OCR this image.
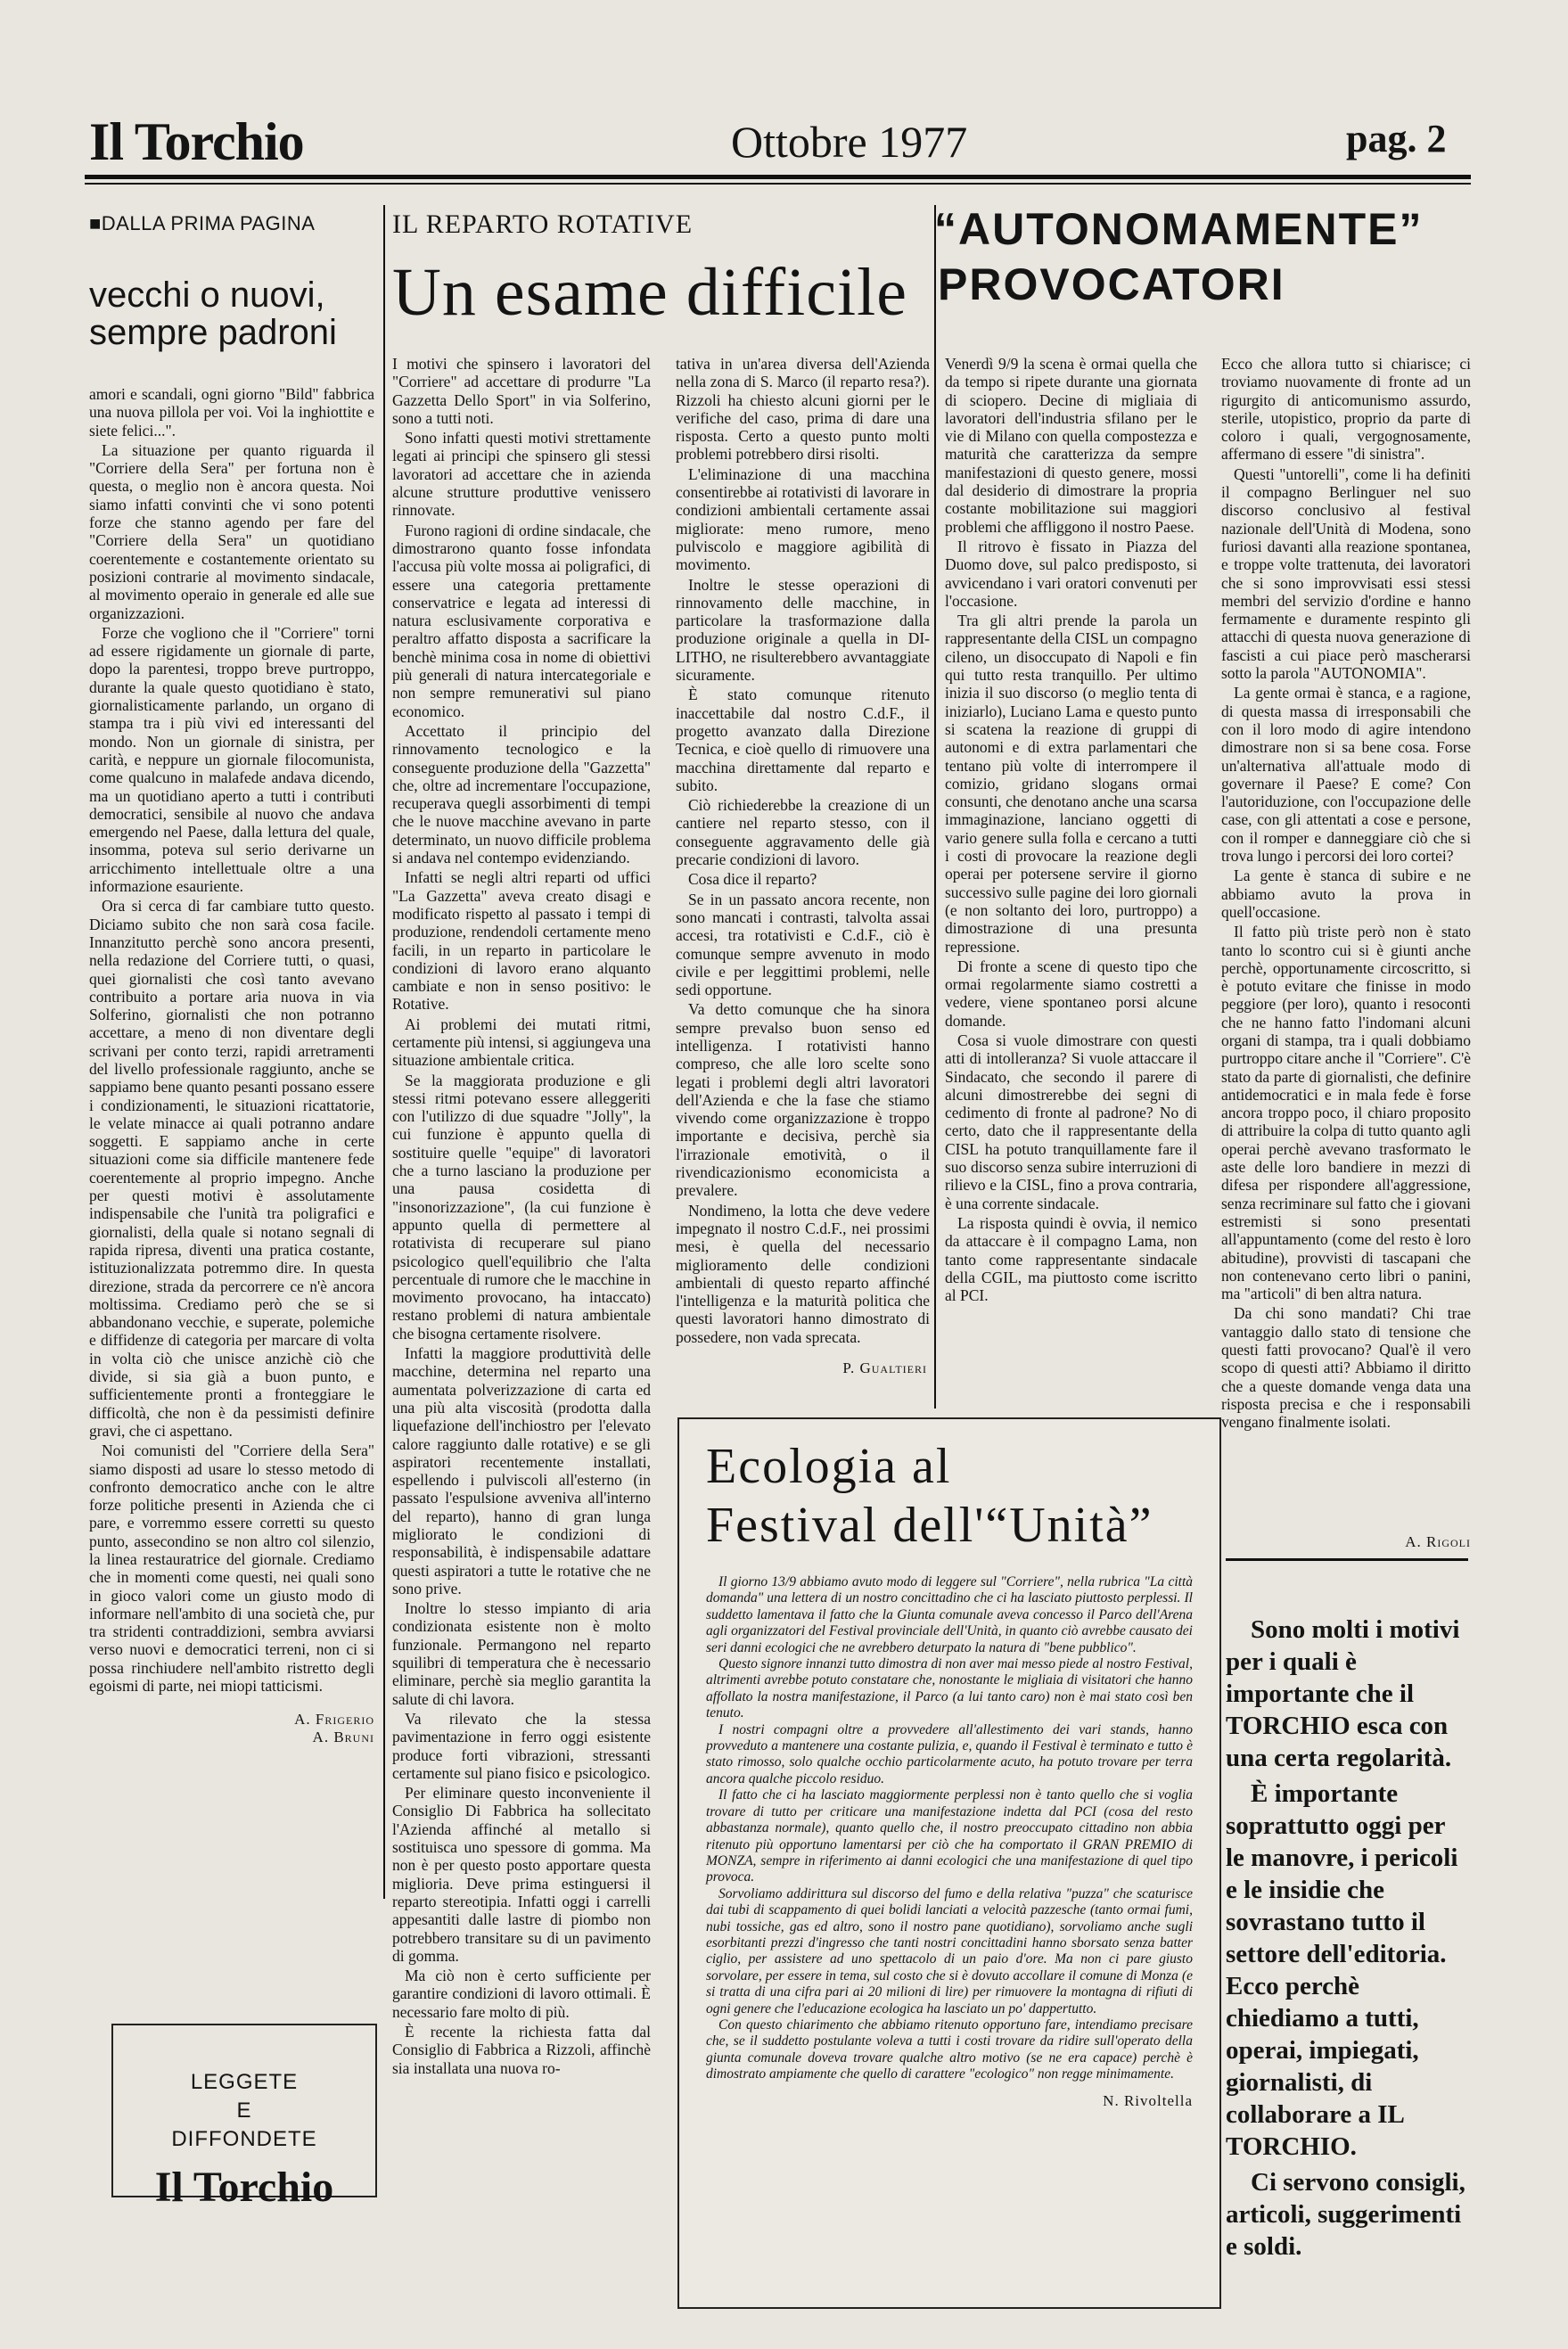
Il Torchio	Ottobre 1977	pag. 2
■DALLA PRIMA PAGINA
vecchi o nuovi, sempre padroni

amori e scandali, ogni giorno "Bild" fabbrica una nuova pillola per voi. Voi la inghiottite e siete felici...".

La situazione per quanto riguarda il "Corriere della Sera" per fortuna non è questa, o meglio non è ancora questa. Noi siamo infatti convinti che vi sono potenti forze che stanno agendo per fare del "Corriere della Sera" un quotidiano coerentemente e costantemente orientato su posizioni contrarie al movimento sindacale, al movimento operaio in generale ed alle sue organizzazioni.

Forze che vogliono che il "Corriere" torni ad essere rigidamente un giornale di parte, dopo la parentesi, troppo breve purtroppo, durante la quale questo quotidiano è stato, giornalisticamente parlando, un organo di stampa tra i più vivi ed interessanti del mondo. Non un giornale di sinistra, per carità, e neppure un giornale filocomunista, come qualcuno in malafede andava dicendo, ma un quotidiano aperto a tutti i contributi democratici, sensibile al nuovo che andava emergendo nel Paese, dalla lettura del quale, insomma, poteva sul serio derivarne un arricchimento intellettuale oltre a una informazione esauriente.

Ora si cerca di far cambiare tutto questo. Diciamo subito che non sarà cosa facile. Innanzitutto perchè sono ancora presenti, nella redazione del Corriere tutti, o quasi, quei giornalisti che così tanto avevano contribuito a portare aria nuova in via Solferino, giornalisti che non potranno accettare, a meno di non diventare degli scrivani per conto terzi, rapidi arretramenti del livello professionale raggiunto, anche se sappiamo bene quanto pesanti possano essere i condizionamenti, le situazioni ricattatorie, le velate minacce ai quali potranno andare soggetti. E sappiamo anche in certe situazioni come sia difficile mantenere fede coerentemente al proprio impegno. Anche per questi motivi è assolutamente indispensabile che l'unità tra poligrafici e giornalisti, della quale si notano segnali di rapida ripresa, diventi una pratica costante, istituzionalizzata potremmo dire. In questa direzione, strada da percorrere ce n'è ancora moltissima. Crediamo però che se si abbandonano vecchie, e superate, polemiche e diffidenze di categoria per marcare di volta in volta ciò che unisce anzichè ciò che divide, si sia già a buon punto, e sufficientemente pronti a fronteggiare le difficoltà, che non è da pessimisti definire gravi, che ci aspettano.

Noi comunisti del "Corriere della Sera" siamo disposti ad usare lo stesso metodo di confronto democratico anche con le altre forze politiche presenti in Azienda che ci pare, e vorremmo essere corretti su questo punto, assecondino se non altro col silenzio, la linea restauratrice del giornale. Crediamo che in momenti come questi, nei quali sono in gioco valori come un giusto modo di informare nell'ambito di una società che, pur tra stridenti contraddizioni, sembra avviarsi verso nuovi e democratici terreni, non ci si possa rinchiudere nell'ambito ristretto degli egoismi di parte, nei miopi tatticismi.

A. Frigerio
A. Bruni
LEGGETE
E
DIFFONDETE
Il Torchio
IL REPARTO ROTATIVE
Un esame difficile

I motivi che spinsero i lavoratori del "Corriere" ad accettare di produrre "La Gazzetta Dello Sport" in via Solferino, sono a tutti noti.

Sono infatti questi motivi strettamente legati ai principi che spinsero gli stessi lavoratori ad accettare che in azienda alcune strutture produttive venissero rinnovate.

Furono ragioni di ordine sindacale, che dimostrarono quanto fosse infondata l'accusa più volte mossa ai poligrafici, di essere una categoria prettamente conservatrice e legata ad interessi di natura esclusivamente corporativa e peraltro affatto disposta a sacrificare la benchè minima cosa in nome di obiettivi più generali di natura intercategoriale e non sempre remunerativi sul piano economico.

Accettato il principio del rinnovamento tecnologico e la conseguente produzione della "Gazzetta" che, oltre ad incrementare l'occupazione, recuperava quegli assorbimenti di tempi che le nuove macchine avevano in parte determinato, un nuovo difficile problema si andava nel contempo evidenziando.

Infatti se negli altri reparti od uffici "La Gazzetta" aveva creato disagi e modificato rispetto al passato i tempi di produzione, rendendoli certamente meno facili, in un reparto in particolare le condizioni di lavoro erano alquanto cambiate e non in senso positivo: le Rotative.

Ai problemi dei mutati ritmi, certamente più intensi, si aggiungeva una situazione ambientale critica.

Se la maggiorata produzione e gli stessi ritmi potevano essere alleggeriti con l'utilizzo di due squadre "Jolly", la cui funzione è appunto quella di sostituire quelle "equipe" di lavoratori che a turno lasciano la produzione per una pausa cosidetta di "insonorizzazione", (la cui funzione è appunto quella di permettere al rotativista di recuperare sul piano psicologico quell'equilibrio che l'alta percentuale di rumore che le macchine in movimento provocano, ha intaccato) restano problemi di natura ambientale che bisogna certamente risolvere.

Infatti la maggiore produttività delle macchine, determina nel reparto una aumentata polverizzazione di carta ed una più alta viscosità (prodotta dalla liquefazione dell'inchiostro per l'elevato calore raggiunto dalle rotative) e se gli aspiratori recentemente installati, espellendo i pulviscoli all'esterno (in passato l'espulsione avveniva all'interno del reparto), hanno di gran lunga migliorato le condizioni di responsabilità, è indispensabile adattare questi aspiratori a tutte le rotative che ne sono prive.

Inoltre lo stesso impianto di aria condizionata esistente non è molto funzionale. Permangono nel reparto squilibri di temperatura che è necessario eliminare, perchè sia meglio garantita la salute di chi lavora.

Va rilevato che la stessa pavimentazione in ferro oggi esistente produce forti vibrazioni, stressanti certamente sul piano fisico e psicologico.

Per eliminare questo inconveniente il Consiglio Di Fabbrica ha sollecitato l'Azienda affinché al metallo si sostituisca uno spessore di gomma. Ma non è per questo posto apportare questa miglioria. Deve prima estinguersi il reparto stereotipia. Infatti oggi i carrelli appesantiti dalle lastre di piombo non potrebbero transitare su di un pavimento di gomma.

Ma ciò non è certo sufficiente per garantire condizioni di lavoro ottimali. È necessario fare molto di più.

È recente la richiesta fatta dal Consiglio di Fabbrica a Rizzoli, affinchè sia installata una nuova ro-

tativa in un'area diversa dell'Azienda nella zona di S. Marco (il reparto resa?). Rizzoli ha chiesto alcuni giorni per le verifiche del caso, prima di dare una risposta. Certo a questo punto molti problemi potrebbero dirsi risolti.

L'eliminazione di una macchina consentirebbe ai rotativisti di lavorare in condizioni ambientali certamente assai migliorate: meno rumore, meno pulviscolo e maggiore agibilità di movimento.

Inoltre le stesse operazioni di rinnovamento delle macchine, in particolare la trasformazione dalla produzione originale a quella in DI-LITHO, ne risulterebbero avvantaggiate sicuramente.

È stato comunque ritenuto inaccettabile dal nostro C.d.F., il progetto avanzato dalla Direzione Tecnica, e cioè quello di rimuovere una macchina direttamente dal reparto e subito.

Ciò richiederebbe la creazione di un cantiere nel reparto stesso, con il conseguente aggravamento delle già precarie condizioni di lavoro.

Cosa dice il reparto?

Se in un passato ancora recente, non sono mancati i contrasti, talvolta assai accesi, tra rotativisti e C.d.F., ciò è comunque sempre avvenuto in modo civile e per leggittimi problemi, nelle sedi opportune.

Va detto comunque che ha sinora sempre prevalso buon senso ed intelligenza. I rotativisti hanno compreso, che alle loro scelte sono legati i problemi degli altri lavoratori dell'Azienda e che la fase che stiamo vivendo come organizzazione è troppo importante e decisiva, perchè sia l'irrazionale emotività, o il rivendicazionismo economicista a prevalere.

Nondimeno, la lotta che deve vedere impegnato il nostro C.d.F., nei prossimi mesi, è quella del necessario miglioramento delle condizioni ambientali di questo reparto affinché l'intelligenza e la maturità politica che questi lavoratori hanno dimostrato di possedere, non vada sprecata.

P. Gualtieri
“AUTONOMAMENTE”
PROVOCATORI

Venerdì 9/9 la scena è ormai quella che da tempo si ripete durante una giornata di sciopero. Decine di migliaia di lavoratori dell'industria sfilano per le vie di Milano con quella compostezza e maturità che caratterizza da sempre manifestazioni di questo genere, mossi dal desiderio di dimostrare la propria costante mobilitazione sui maggiori problemi che affliggono il nostro Paese.

Il ritrovo è fissato in Piazza del Duomo dove, sul palco predisposto, si avvicendano i vari oratori convenuti per l'occasione.

Tra gli altri prende la parola un rappresentante della CISL un compagno cileno, un disoccupato di Napoli e fin qui tutto resta tranquillo. Per ultimo inizia il suo discorso (o meglio tenta di iniziarlo), Luciano Lama e questo punto si scatena la reazione di gruppi di autonomi e di extra parlamentari che tentano più volte di interrompere il comizio, gridano slogans ormai consunti, che denotano anche una scarsa immaginazione, lanciano oggetti di vario genere sulla folla e cercano a tutti i costi di provocare la reazione degli operai per potersene servire il giorno successivo sulle pagine dei loro giornali (e non soltanto dei loro, purtroppo) a dimostrazione di una presunta repressione.

Di fronte a scene di questo tipo che ormai regolarmente siamo costretti a vedere, viene spontaneo porsi alcune domande.

Cosa si vuole dimostrare con questi atti di intolleranza? Si vuole attaccare il Sindacato, che secondo il parere di alcuni dimostrerebbe dei segni di cedimento di fronte al padrone? No di certo, dato che il rappresentante della CISL ha potuto tranquillamente fare il suo discorso senza subire interruzioni di rilievo e la CISL, fino a prova contraria, è una corrente sindacale.

La risposta quindi è ovvia, il nemico da attaccare è il compagno Lama, non tanto come rappresentante sindacale della CGIL, ma piuttosto come iscritto al PCI.

Ecco che allora tutto si chiarisce; ci troviamo nuovamente di fronte ad un rigurgito di anticomunismo assurdo, sterile, utopistico, proprio da parte di coloro i quali, vergognosamente, affermano di essere "di sinistra".

Questi "untorelli", come li ha definiti il compagno Berlinguer nel suo discorso conclusivo al festival nazionale dell'Unità di Modena, sono furiosi davanti alla reazione spontanea, e troppe volte trattenuta, dei lavoratori che si sono improvvisati essi stessi membri del servizio d'ordine e hanno fermamente e duramente respinto gli attacchi di questa nuova generazione di fascisti a cui piace però mascherarsi sotto la parola "AUTONOMIA".

La gente ormai è stanca, e a ragione, di questa massa di irresponsabili che con il loro modo di agire intendono dimostrare non si sa bene cosa. Forse un'alternativa all'attuale modo di governare il Paese? E come? Con l'autoriduzione, con l'occupazione delle case, con gli attentati a cose e persone, con il romper e danneggiare ciò che si trova lungo i percorsi dei loro cortei?

La gente è stanca di subire e ne abbiamo avuto la prova in quell'occasione.

Il fatto più triste però non è stato tanto lo scontro cui si è giunti anche perchè, opportunamente circoscritto, si è potuto evitare che finisse in modo peggiore (per loro), quanto i resoconti che ne hanno fatto l'indomani alcuni organi di stampa, tra i quali dobbiamo purtroppo citare anche il "Corriere". C'è stato da parte di giornalisti, che definire antidemocratici e in mala fede è forse ancora troppo poco, il chiaro proposito di attribuire la colpa di tutto quanto agli operai perchè avevano trasformato le aste delle loro bandiere in mezzi di difesa per rispondere all'aggressione, senza recriminare sul fatto che i giovani estremisti si sono presentati all'appuntamento (come del resto è loro abitudine), provvisti di tascapani che non contenevano certo libri o panini, ma "articoli" di ben altra natura.

Da chi sono mandati? Chi trae vantaggio dallo stato di tensione che questi fatti provocano? Qual'è il vero scopo di questi atti? Abbiamo il diritto che a queste domande venga data una risposta precisa e che i responsabili vengano finalmente isolati.

A. Rigoli
Ecologia al
Festival dell'“Unità”

Il giorno 13/9 abbiamo avuto modo di leggere sul "Corriere", nella rubrica "La città domanda" una lettera di un nostro concittadino che ci ha lasciato piuttosto perplessi. Il suddetto lamentava il fatto che la Giunta comunale aveva concesso il Parco dell'Arena agli organizzatori del Festival provinciale dell'Unità, in quanto ciò avrebbe causato dei seri danni ecologici che ne avrebbero deturpato la natura di "bene pubblico".

Questo signore innanzi tutto dimostra di non aver mai messo piede al nostro Festival, altrimenti avrebbe potuto constatare che, nonostante le migliaia di visitatori che hanno affollato la nostra manifestazione, il Parco (a lui tanto caro) non è mai stato così ben tenuto.

I nostri compagni oltre a provvedere all'allestimento dei vari stands, hanno provveduto a mantenere una costante pulizia, e, quando il Festival è terminato e tutto è stato rimosso, solo qualche occhio particolarmente acuto, ha potuto trovare per terra ancora qualche piccolo residuo.

Il fatto che ci ha lasciato maggiormente perplessi non è tanto quello che si voglia trovare di tutto per criticare una manifestazione indetta dal PCI (cosa del resto abbastanza normale), quanto quello che, il nostro preoccupato cittadino non abbia ritenuto più opportuno lamentarsi per ciò che ha comportato il GRAN PREMIO di MONZA, sempre in riferimento ai danni ecologici che una manifestazione di quel tipo provoca.

Sorvoliamo addirittura sul discorso del fumo e della relativa "puzza" che scaturisce dai tubi di scappamento di quei bolidi lanciati a velocità pazzesche (tanto ormai fumi, nubi tossiche, gas ed altro, sono il nostro pane quotidiano), sorvoliamo anche sugli esorbitanti prezzi d'ingresso che tanti nostri concittadini hanno sborsato senza batter ciglio, per assistere ad uno spettacolo di un paio d'ore. Ma non ci pare giusto sorvolare, per essere in tema, sul costo che si è dovuto accollare il comune di Monza (e si tratta di una cifra pari ai 20 milioni di lire) per rimuovere la montagna di rifiuti di ogni genere che l'educazione ecologica ha lasciato un po' dappertutto.

Con questo chiarimento che abbiamo ritenuto opportuno fare, intendiamo precisare che, se il suddetto postulante voleva a tutti i costi trovare da ridire sull'operato della giunta comunale doveva trovare qualche altro motivo (se ne era capace) perchè è dimostrato ampiamente che quello di carattere "ecologico" non regge minimamente.

N. Rivoltella

Sono molti i motivi per i quali è importante che il TORCHIO esca con una certa regolarità.

È importante soprattutto oggi per le manovre, i pericoli e le insidie che sovrastano tutto il settore dell'editoria. Ecco perchè chiediamo a tutti, operai, impiegati, giornalisti, di collaborare a IL TORCHIO.

Ci servono consigli, articoli, suggerimenti e soldi.
